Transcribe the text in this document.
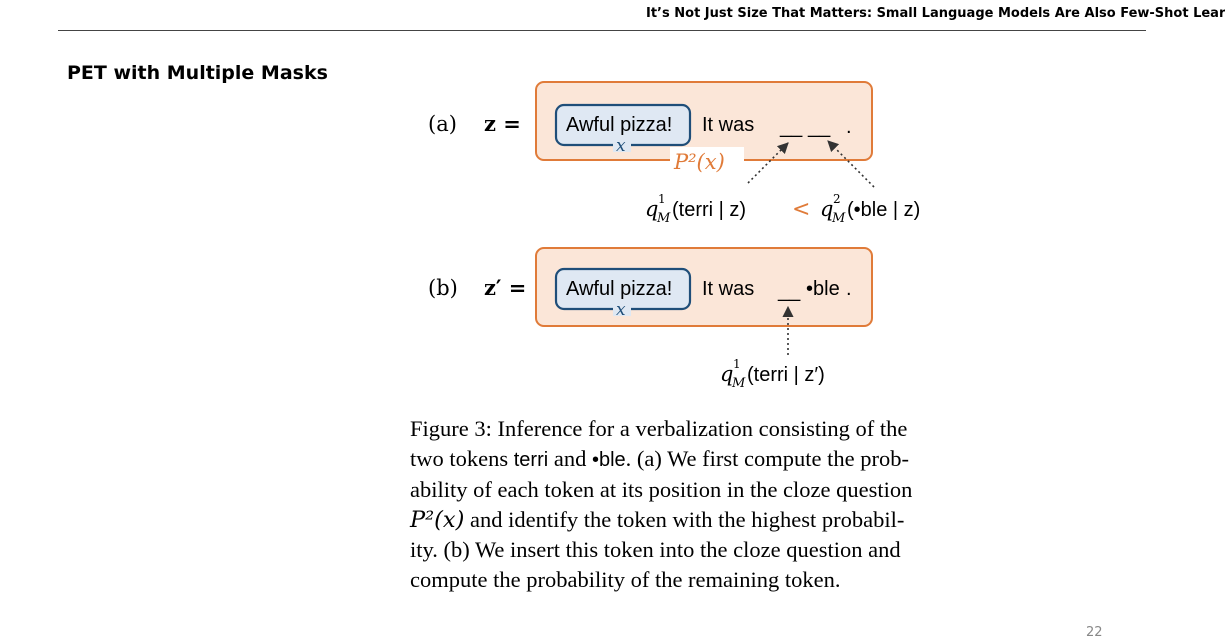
It’s Not Just Size That Matters: Small Language Models Are Also Few-Shot Lear
PET with Multiple Masks
(a) z = Awful pizza!
x
It was __ __ .
P²(x)
q 1
M (terri | z) < q 2
M (•ble | z)
(b) z′ = Awful pizza!
x
It was __ •ble .
q 1
M (terri | z′)
Figure 3: Inference for a verbalization consisting of the
two tokens terri and •ble. (a) We first compute the prob-
ability of each token at its position in the cloze question
P²(x) and identify the token with the highest probabil-
ity. (b) We insert this token into the cloze question and
compute the probability of the remaining token.
22
